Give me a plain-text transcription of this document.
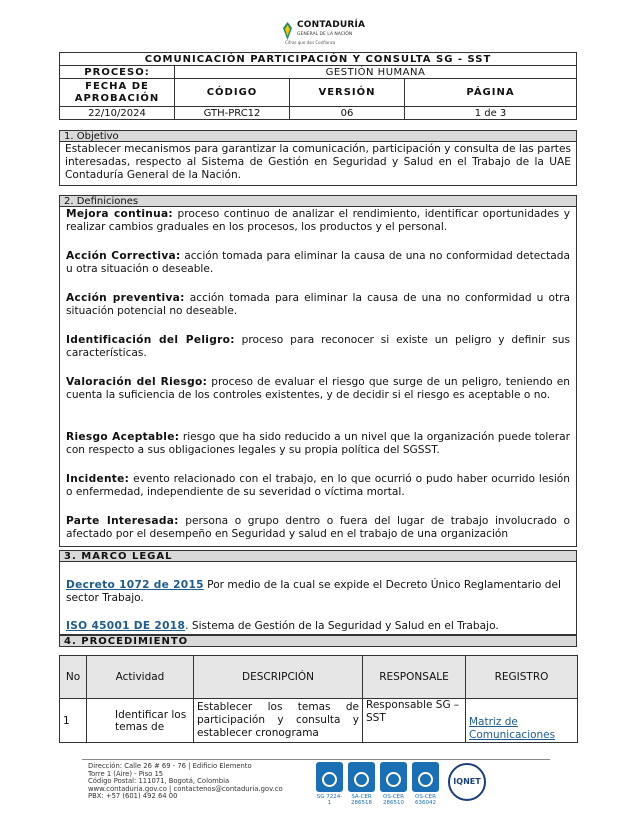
CONTADURÍA
GENERAL DE LA NACIÓN
Cifras que dan Confianza
COMUNICACIÓN PARTICIPACIÓN Y CONSULTA SG - SST			
PROCESO:	GESTIÓN HUMANA		
FECHA DE APROBACIÓN	CÓDIGO	VERSIÓN	PÁGINA
22/10/2024	GTH-PRC12	06	1 de 3
1. Objetivo
Establecer mecanismos para garantizar la comunicación, participación y consulta de las partes interesadas, respecto al Sistema de Gestión en Seguridad y Salud en el Trabajo de la UAE Contaduría General de la Nación.
2. Definiciones
Mejora continua: proceso continuo de analizar el rendimiento, identificar oportunidades y realizar cambios graduales en los procesos, los productos y el personal.
Acción Correctiva: acción tomada para eliminar la causa de una no conformidad detectada u otra situación o deseable.
Acción preventiva: acción tomada para eliminar la causa de una no conformidad u otra situación potencial no deseable.
Identificación del Peligro: proceso para reconocer si existe un peligro y definir sus características.
Valoración del Riesgo: proceso de evaluar el riesgo que surge de un peligro, teniendo en cuenta la suficiencia de los controles existentes, y de decidir si el riesgo es aceptable o no.
Riesgo Aceptable: riesgo que ha sido reducido a un nivel que la organización puede tolerar con respecto a sus obligaciones legales y su propia política del SGSST.
Incidente: evento relacionado con el trabajo, en lo que ocurrió o pudo haber ocurrido lesión o enfermedad, independiente de su severidad o víctima mortal.
Parte Interesada: persona o grupo dentro o fuera del lugar de trabajo involucrado o afectado por el desempeño en Seguridad y salud en el trabajo de una organización
3. MARCO LEGAL
Decreto 1072 de 2015 Por medio de la cual se expide el Decreto Único Reglamentario del sector Trabajo.
ISO 45001 DE 2018. Sistema de Gestión de la Seguridad y Salud en el Trabajo.
4. PROCEDIMIENTO
No	Actividad	DESCRIPCIÓN	RESPONSALE	REGISTRO
1	Identificar los temas de	Establecer los temas de participación y consulta y establecer cronograma	Responsable SG – SST	Matriz de Comunicaciones
Dirección: Calle 26 # 69 - 76 | Edificio Elemento
Torre 1 (Aire) - Piso 15
Código Postal: 111071, Bogotá, Colombia
www.contaduria.gov.co | contactenos@contaduria.gov.co
PBX: +57 (601) 492 64 00	SG 7224-1
SA-CER 286518
OS-CER 286510
OS-CER 636042
IQNET
